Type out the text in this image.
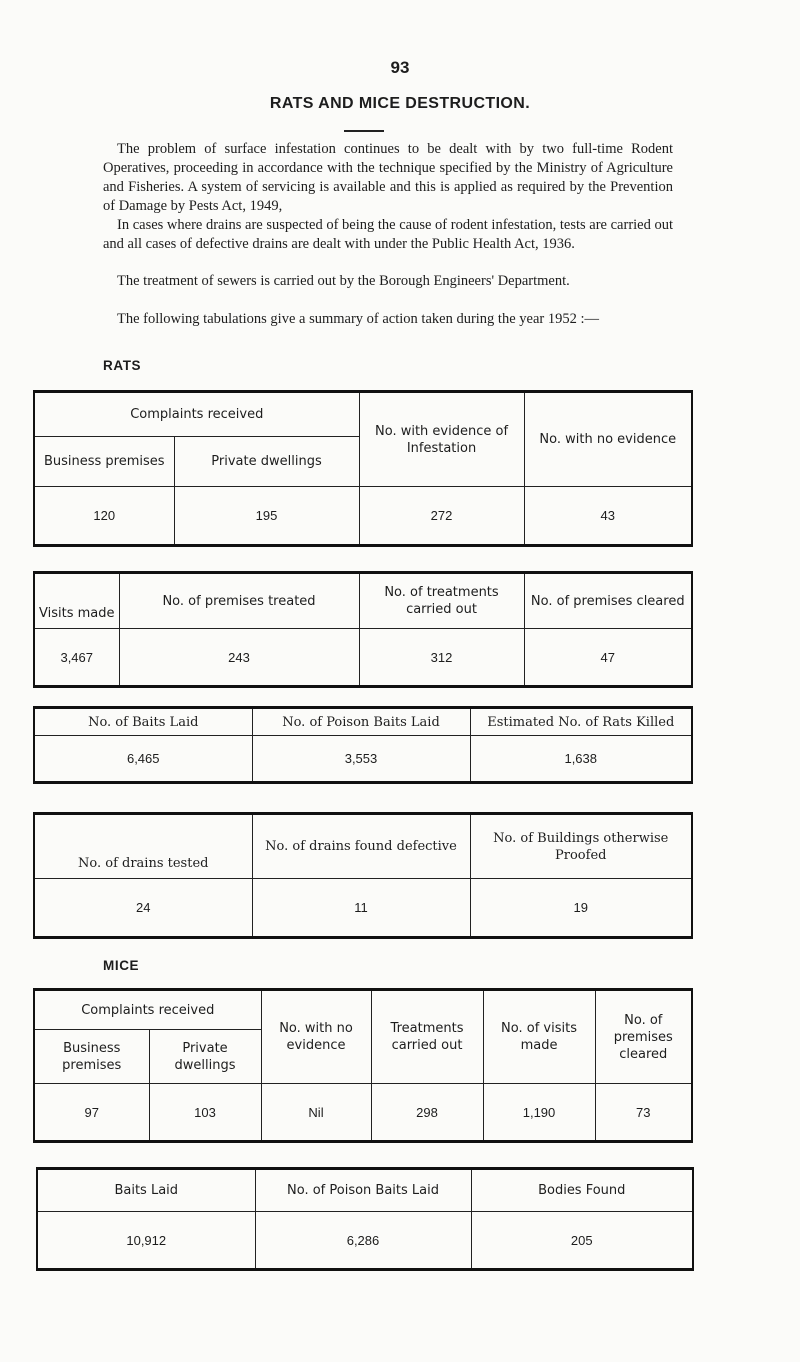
93
RATS AND MICE DESTRUCTION.

The problem of surface infestation continues to be dealt with by two full-time Rodent Operatives, proceeding in accordance with the technique specified by the Ministry of Agriculture and Fisheries. A system of servicing is available and this is applied as required by the Prevention of Damage by Pests Act, 1949,

In cases where drains are suspected of being the cause of rodent infestation, tests are carried out and all cases of defective drains are dealt with under the Public Health Act, 1936.

The treatment of sewers is carried out by the Borough Engineers' Department.

The following tabulations give a summary of action taken during the year 1952 :—

RATS
Complaints received		No. with evidence of Infestation	No. with no evidence
Business premises	Private dwellings		
120	195	272	43
Visits made	No. of premises treated	No. of treatments carried out	No. of premises cleared
3,467	243	312	47
No. of Baits Laid	No. of Poison Baits Laid	Estimated No. of Rats Killed
6,465	3,553	1,638
No. of drains tested	No. of drains found defective	No. of Buildings otherwise Proofed
24	11	19
MICE
Complaints received		No. with no evidence	Treatments carried out	No. of visits made	No. of premises cleared
Business premises	Private dwellings				
97	103	Nil	298	1,190	73
Baits Laid	No. of Poison Baits Laid	Bodies Found
10,912	6,286	205
